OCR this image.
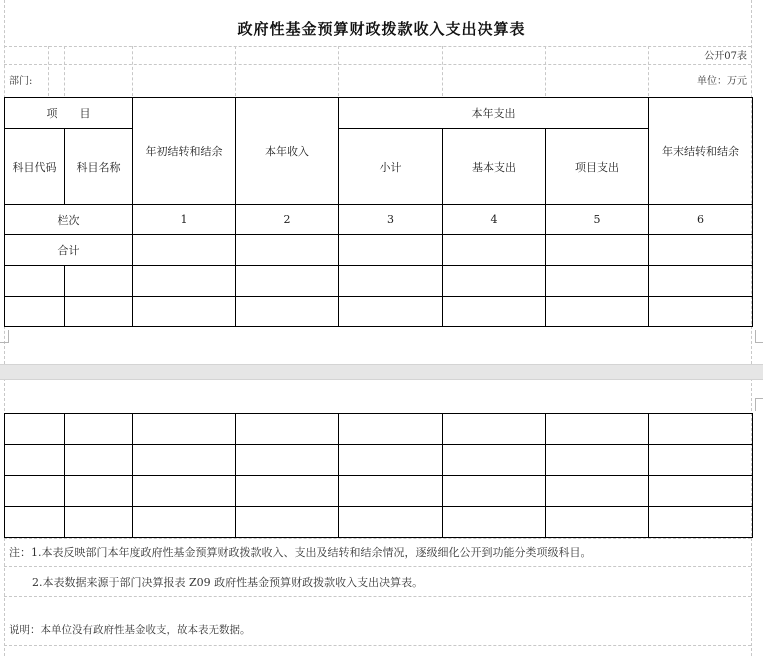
政府性基金预算财政拨款收入支出决算表
公开07表
部门:	单位：万元
项　　目		年初结转和结余	本年收入	本年支出			年末结转和结余
科目代码	科目名称			小计	基本支出	项目支出	
栏次		1	2	3	4	5	6
合计							

注：1.本表反映部门本年度政府性基金预算财政拨款收入、支出及结转和结余情况，逐级细化公开到功能分类项级科目。
2.本表数据来源于部门决算报表 Z09 政府性基金预算财政拨款收入支出决算表。
说明：本单位没有政府性基金收支，故本表无数据。
